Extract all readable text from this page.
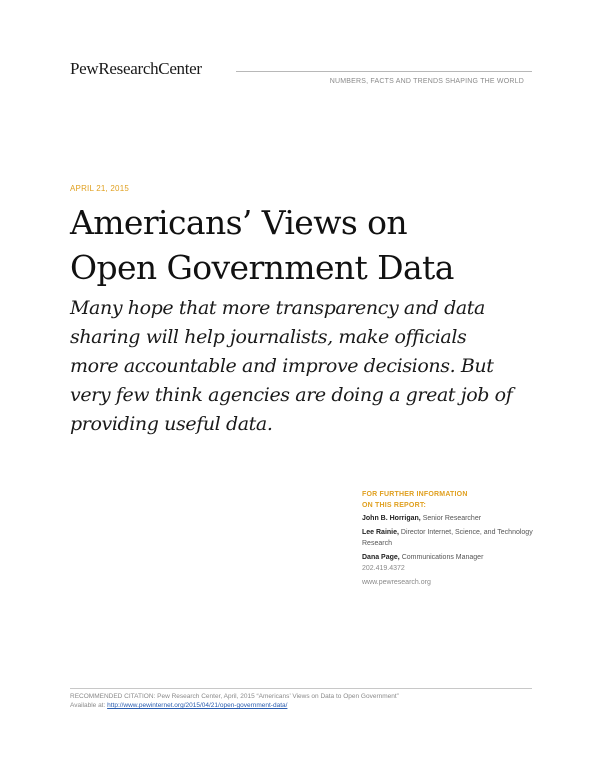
PewResearchCenter
NUMBERS, FACTS AND TRENDS SHAPING THE WORLD
APRIL 21, 2015
Americans’ Views on
Open Government Data

Many hope that more transparency and data
sharing will help journalists, make officials
more accountable and improve decisions. But
very few think agencies are doing a great job of
providing useful data.

FOR FURTHER INFORMATION
ON THIS REPORT:
John B. Horrigan, Senior Researcher
Lee Rainie, Director Internet, Science, and Technology Research
Dana Page, Communications Manager
202.419.4372
www.pewresearch.org
RECOMMENDED CITATION: Pew Research Center, April, 2015 “Americans’ Views on Data to Open Government”
Available at: http://www.pewinternet.org/2015/04/21/open-government-data/
